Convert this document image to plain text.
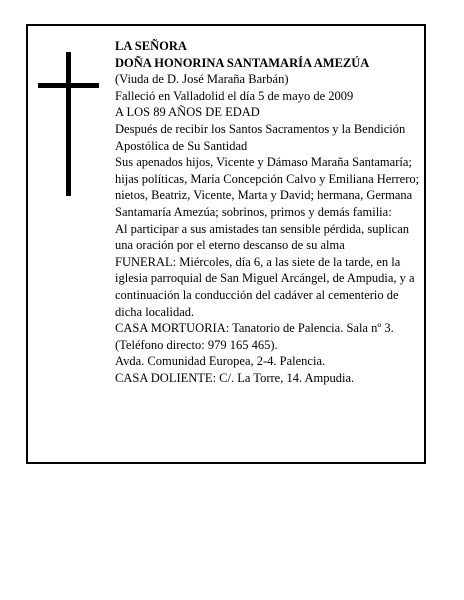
LA SEÑORA

DOÑA HONORINA SANTAMARÍA AMEZÚA

(Viuda de D. José Maraña Barbán)

Falleció en Valladolid el día 5 de mayo de 2009

A LOS 89 AÑOS DE EDAD

Después de recibir los Santos Sacramentos y la Bendición Apostólica de Su Santidad

Sus apenados hijos, Vicente y Dámaso Maraña Santamaría; hijas políticas, María Concepción Calvo y Emiliana Herrero; nietos, Beatriz, Vicente, Marta y David; hermana, Germana Santamaría Amezúa; sobrinos, primos y demás familia:

Al participar a sus amistades tan sensible pérdida, suplican una oración por el eterno descanso de su alma

FUNERAL: Miércoles, día 6, a las siete de la tarde, en la iglesia parroquial de San Miguel Arcángel, de Ampudia, y a continuación la conducción del cadáver al cementerio de dicha localidad.

CASA MORTUORIA: Tanatorio de Palencia. Sala nº 3. (Teléfono directo: 979 165 465).

Avda. Comunidad Europea, 2-4. Palencia.

CASA DOLIENTE: C/. La Torre, 14. Ampudia.
